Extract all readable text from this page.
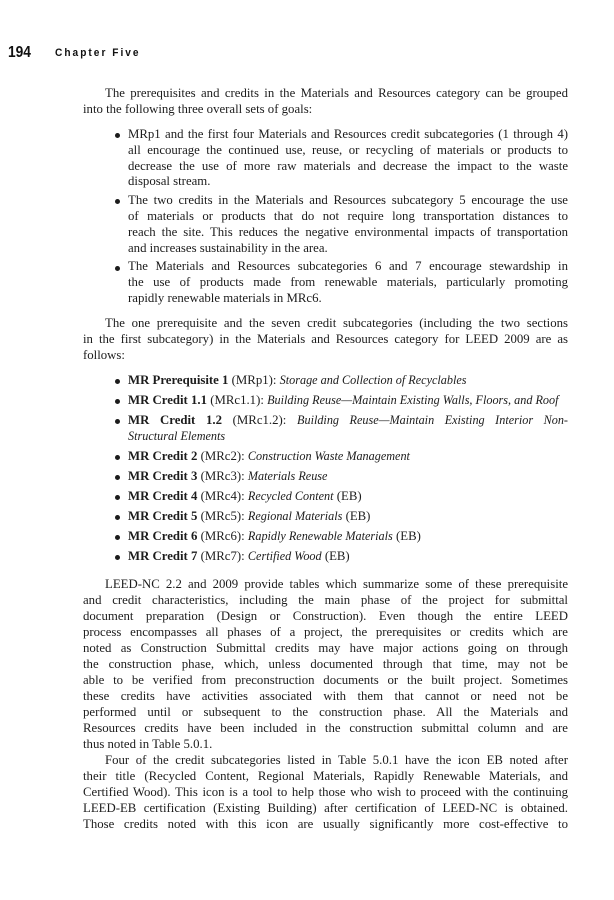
194 Chapter Five
The prerequisites and credits in the Materials and Resources category can be grouped
into the following three overall sets of goals:
MRp1 and the first four Materials and Resources credit subcategories (1 through 4)
all encourage the continued use, reuse, or recycling of materials or products to
decrease the use of more raw materials and decrease the impact to the waste
disposal stream.
The two credits in the Materials and Resources subcategory 5 encourage the use
of materials or products that do not require long transportation distances to
reach the site. This reduces the negative environmental impacts of transportation
and increases sustainability in the area.
The Materials and Resources subcategories 6 and 7 encourage stewardship in
the use of products made from renewable materials, particularly promoting
rapidly renewable materials in MRc6.
The one prerequisite and the seven credit subcategories (including the two sections
in the first subcategory) in the Materials and Resources category for LEED 2009 are as
follows:
MR Prerequisite 1 (MRp1): Storage and Collection of Recyclables
MR Credit 1.1 (MRc1.1): Building Reuse—Maintain Existing Walls, Floors, and Roof
MR Credit 1.2 (MRc1.2): Building Reuse—Maintain Existing Interior Non-
Structural Elements
MR Credit 2 (MRc2): Construction Waste Management
MR Credit 3 (MRc3): Materials Reuse
MR Credit 4 (MRc4): Recycled Content (EB)
MR Credit 5 (MRc5): Regional Materials (EB)
MR Credit 6 (MRc6): Rapidly Renewable Materials (EB)
MR Credit 7 (MRc7): Certified Wood (EB)
LEED-NC 2.2 and 2009 provide tables which summarize some of these prerequisite
and credit characteristics, including the main phase of the project for submittal
document preparation (Design or Construction). Even though the entire LEED
process encompasses all phases of a project, the prerequisites or credits which are
noted as Construction Submittal credits may have major actions going on through
the construction phase, which, unless documented through that time, may not be
able to be verified from preconstruction documents or the built project. Sometimes
these credits have activities associated with them that cannot or need not be
performed until or subsequent to the construction phase. All the Materials and
Resources credits have been included in the construction submittal column and are
thus noted in Table 5.0.1.
Four of the credit subcategories listed in Table 5.0.1 have the icon EB noted after
their title (Recycled Content, Regional Materials, Rapidly Renewable Materials, and
Certified Wood). This icon is a tool to help those who wish to proceed with the continuing
LEED-EB certification (Existing Building) after certification of LEED-NC is obtained.
Those credits noted with this icon are usually significantly more cost-effective to
